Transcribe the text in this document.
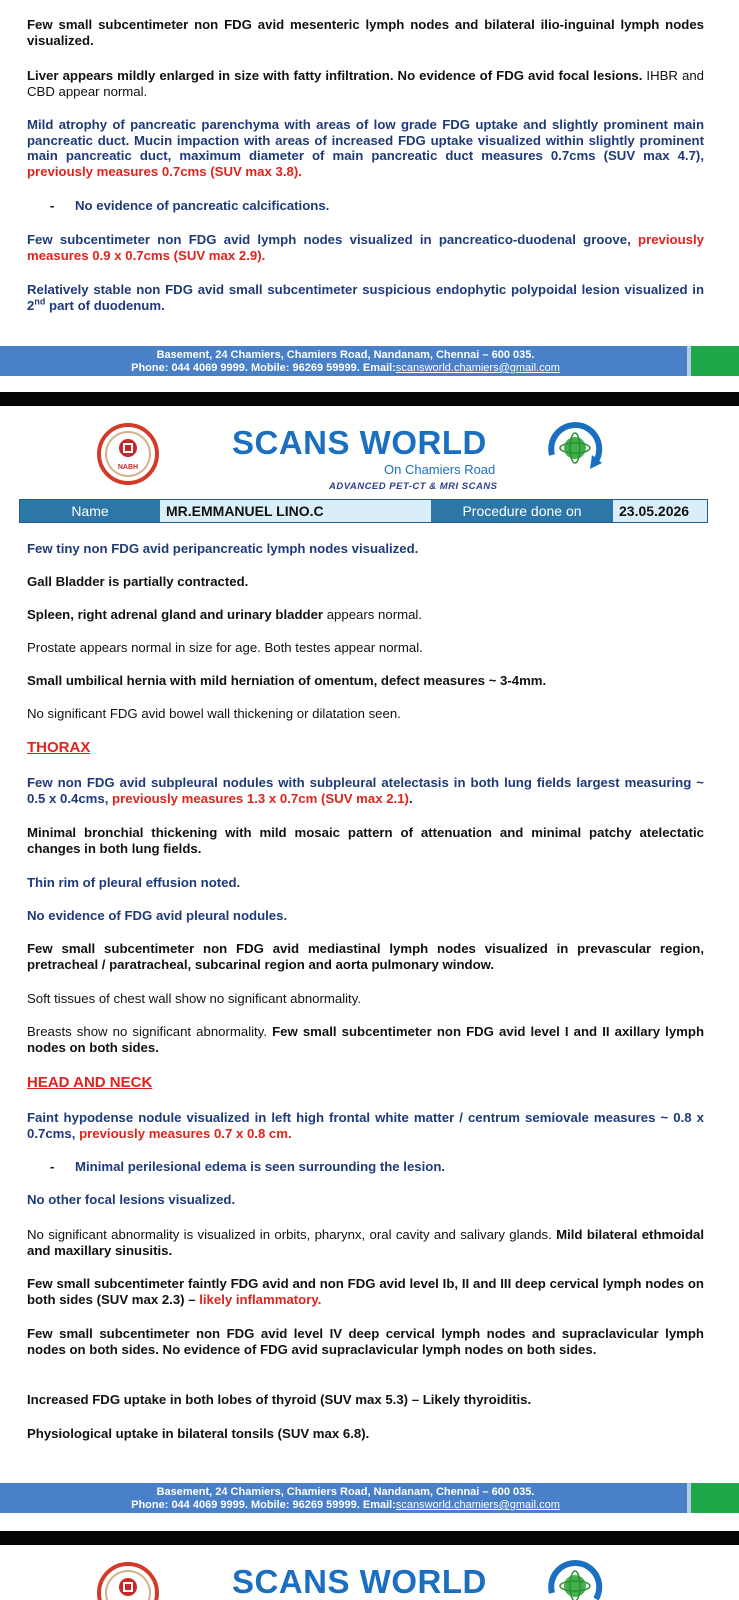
Few small subcentimeter non FDG avid mesenteric lymph nodes and bilateral ilio-inguinal lymph nodes visualized.
Liver appears mildly enlarged in size with fatty infiltration. No evidence of FDG avid focal lesions. IHBR and CBD appear normal.
Mild atrophy of pancreatic parenchyma with areas of low grade FDG uptake and slightly prominent main pancreatic duct. Mucin impaction with areas of increased FDG uptake visualized within slightly prominent main pancreatic duct, maximum diameter of main pancreatic duct measures 0.7cms (SUV max 4.7), previously measures 0.7cms (SUV max 3.8).
- No evidence of pancreatic calcifications.
Few subcentimeter non FDG avid lymph nodes visualized in pancreatico-duodenal groove, previously measures 0.9 x 0.7cms (SUV max 2.9).
Relatively stable non FDG avid small subcentimeter suspicious endophytic polypoidal lesion visualized in 2nd part of duodenum.
Basement, 24 Chamiers, Chamiers Road, Nandanam, Chennai – 600 035.
Phone: 044 4069 9999. Mobile: 96269 59999. Email:scansworld.chamiers@gmail.com
NABH
SCANS WORLD
On Chamiers Road
ADVANCED PET-CT & MRI SCANS
Name	MR.EMMANUEL LINO.C	Procedure done on	23.05.2026
Few tiny non FDG avid peripancreatic lymph nodes visualized.
Gall Bladder is partially contracted.
Spleen, right adrenal gland and urinary bladder appears normal.
Prostate appears normal in size for age. Both testes appear normal.
Small umbilical hernia with mild herniation of omentum, defect measures ~ 3-4mm.
No significant FDG avid bowel wall thickening or dilatation seen.
THORAX
Few non FDG avid subpleural nodules with subpleural atelectasis in both lung fields largest measuring ~ 0.5 x 0.4cms, previously measures 1.3 x 0.7cm (SUV max 2.1).
Minimal bronchial thickening with mild mosaic pattern of attenuation and minimal patchy atelectatic changes in both lung fields.
Thin rim of pleural effusion noted.
No evidence of FDG avid pleural nodules.
Few small subcentimeter non FDG avid mediastinal lymph nodes visualized in prevascular region, pretracheal / paratracheal, subcarinal region and aorta pulmonary window.
Soft tissues of chest wall show no significant abnormality.
Breasts show no significant abnormality. Few small subcentimeter non FDG avid level I and II axillary lymph nodes on both sides.
HEAD AND NECK
Faint hypodense nodule visualized in left high frontal white matter / centrum semiovale measures ~ 0.8 x 0.7cms, previously measures 0.7 x 0.8 cm.
- Minimal perilesional edema is seen surrounding the lesion.
No other focal lesions visualized.
No significant abnormality is visualized in orbits, pharynx, oral cavity and salivary glands. Mild bilateral ethmoidal and maxillary sinusitis.
Few small subcentimeter faintly FDG avid and non FDG avid level Ib, II and III deep cervical lymph nodes on both sides (SUV max 2.3) – likely inflammatory.
Few small subcentimeter non FDG avid level IV deep cervical lymph nodes and supraclavicular lymph nodes on both sides. No evidence of FDG avid supraclavicular lymph nodes on both sides.
Increased FDG uptake in both lobes of thyroid (SUV max 5.3) – Likely thyroiditis.
Physiological uptake in bilateral tonsils (SUV max 6.8).
Basement, 24 Chamiers, Chamiers Road, Nandanam, Chennai – 600 035.
Phone: 044 4069 9999. Mobile: 96269 59999. Email:scansworld.chamiers@gmail.com
SCANS WORLD
